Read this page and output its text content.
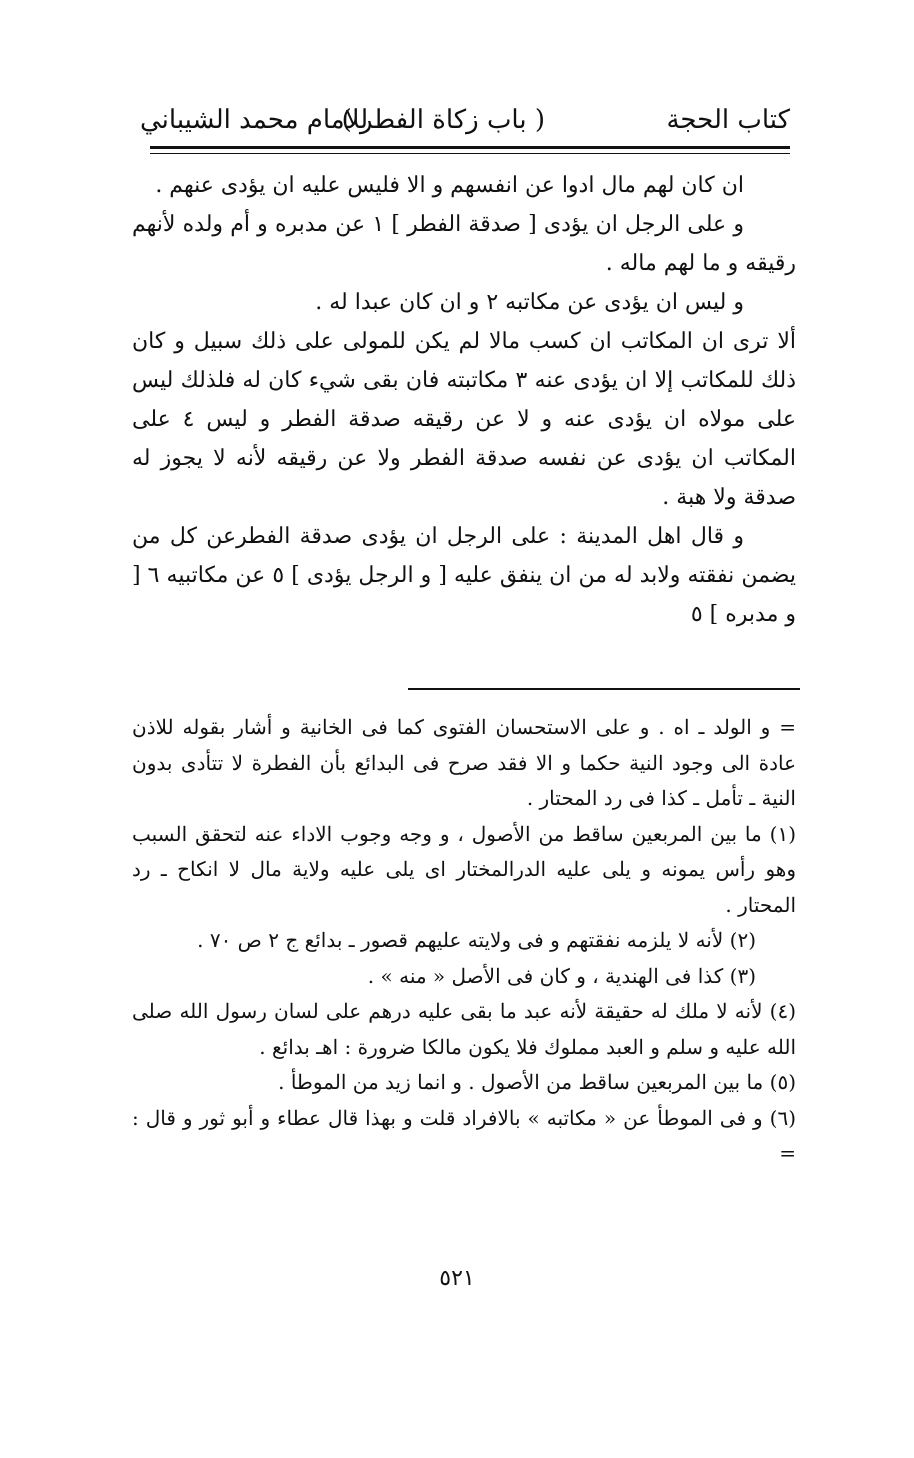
كتاب الحجة
( باب زكاة الفطر )
للامام محمد الشيباني

ان كان لهم مال ادوا عن انفسهم و الا فليس عليه ان يؤدى عنهم .

و على الرجل ان يؤدى [ صدقة الفطر ] ١ عن مدبره و أم ولده لأنهم رقيقه و ما لهم ماله .

و ليس ان يؤدى عن مكاتبه ٢ و ان كان عبدا له .

ألا ترى ان المكاتب ان كسب مالا لم يكن للمولى على ذلك سبيل و كان ذلك للمكاتب إلا ان يؤدى عنه ٣ مكاتبته فان بقى شيء كان له فلذلك ليس على مولاه ان يؤدى عنه و لا عن رقيقه صدقة الفطر و ليس ٤ على المكاتب ان يؤدى عن نفسه صدقة الفطر ولا عن رقيقه لأنه لا يجوز له صدقة ولا هبة .

و قال اهل المدينة : على الرجل ان يؤدى صدقة الفطرعن كل من يضمن نفقته ولابد له من ان ينفق عليه [ و الرجل يؤدى ] ٥ عن مكاتبيه ٦ [ و مدبره ] ٥

= و الولد ـ اه . و على الاستحسان الفتوى كما فى الخانية و أشار بقوله للاذن عادة الى وجود النية حكما و الا فقد صرح فى البدائع بأن الفطرة لا تتأدى بدون النية ـ تأمل ـ كذا فى رد المحتار .

(١) ما بين المربعين ساقط من الأصول ، و وجه وجوب الاداء عنه لتحقق السبب وهو رأس يمونه و يلى عليه الدرالمختار اى يلى عليه ولاية مال لا انكاح ـ رد المحتار .

(٢) لأنه لا يلزمه نفقتهم و فى ولايته عليهم قصور ـ بدائع ج ٢ ص ٧٠ .

(٣) كذا فى الهندية ، و كان فى الأصل « منه » .

(٤) لأنه لا ملك له حقيقة لأنه عبد ما بقى عليه درهم على لسان رسول الله صلى الله عليه و سلم و العبد مملوك فلا يكون مالكا ضرورة : اهـ بدائع .

(٥) ما بين المربعين ساقط من الأصول . و انما زيد من الموطأ .

(٦) و فى الموطأ عن « مكاتبه » بالافراد قلت و بهذا قال عطاء و أبو ثور و قال : =

٥٢١
